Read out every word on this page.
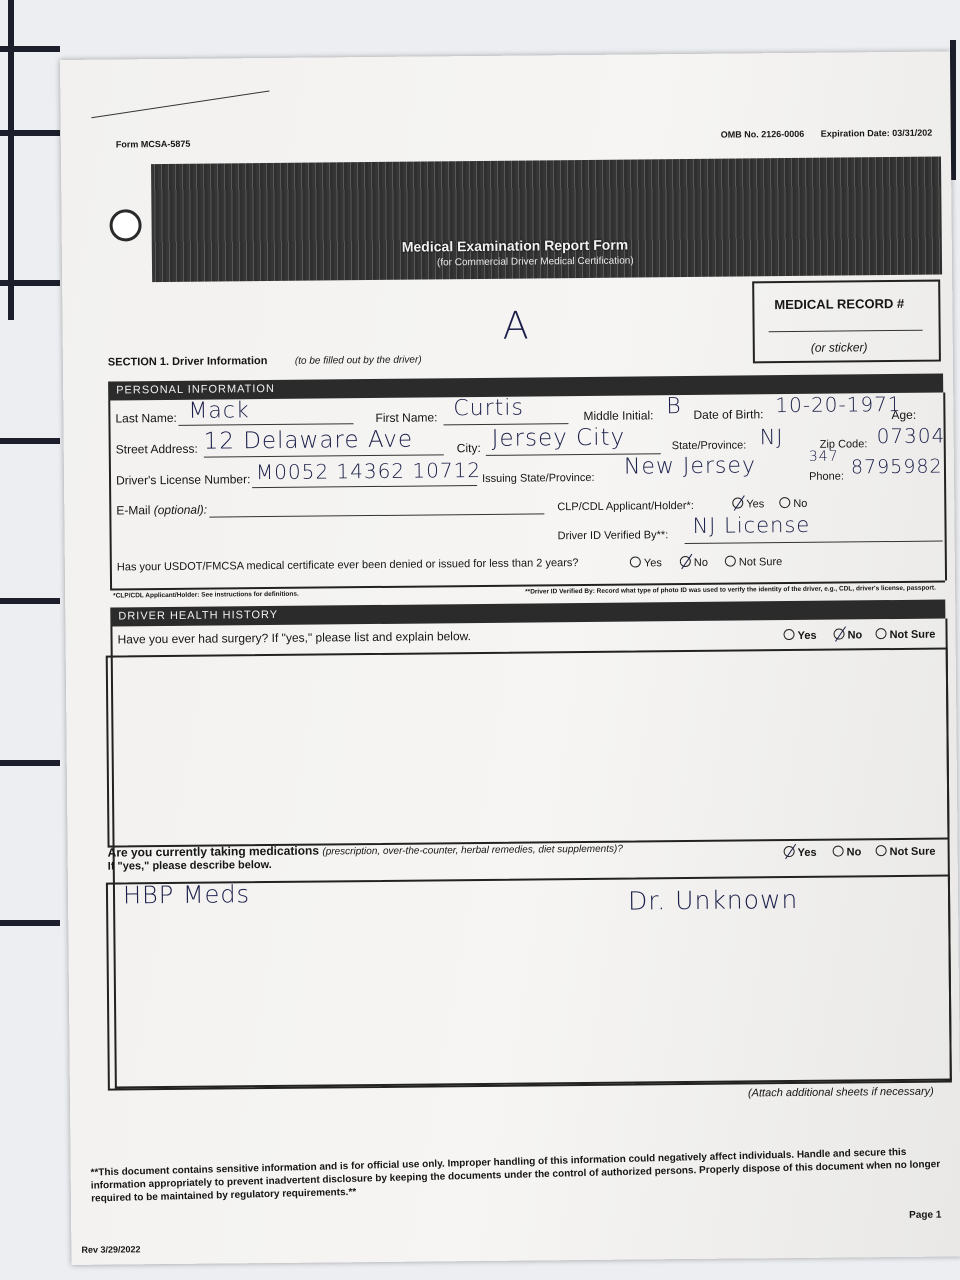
Form MCSA-5875
OMB No. 2126-0006 Expiration Date: 03/31/202
Medical Examination Report Form
(for Commercial Driver Medical Certification)
A	MEDICAL RECORD #
(or sticker)
SECTION 1. Driver Information	(to be filled out by the driver)
PERSONAL INFORMATION
Last Name: Mack	First Name: Curtis	Middle Initial: B Date of Birth: 10-20-1971
Age:
Street Address: 12 Delaware Ave	City: Jersey City	State/Province: NJ	Zip Code: 07304
Driver's License Number: M0052 14362 10712 Issuing State/Province: New Jersey	Phone:
347 8795982
E-Mail (optional):	CLP/CDL Applicant/Holder*:	Yes	No
Driver ID Verified By**: NJ License
Has your USDOT/FMCSA medical certificate ever been denied or issued for less than 2 years?	Yes	No	Not Sure
*CLP/CDL Applicant/Holder: See instructions for definitions.	**Driver ID Verified By: Record what type of photo ID was used to verify the identity of the driver, e.g., CDL, driver's license, passport.
DRIVER HEALTH HISTORY
Have you ever had surgery? If "yes," please list and explain below.	Yes	No	Not Sure
Are you currently taking medications (prescription, over-the-counter, herbal remedies, diet supplements)?
If "yes," please describe below.
Yes	No	Not Sure
HBP Meds	Dr. Unknown
(Attach additional sheets if necessary)
**This document contains sensitive information and is for official use only. Improper handling of this information could negatively affect individuals. Handle and secure this information appropriately to prevent inadvertent disclosure by keeping the documents under the control of authorized persons. Properly dispose of this document when no longer required to be maintained by regulatory requirements.**
Page 1
Rev 3/29/2022
